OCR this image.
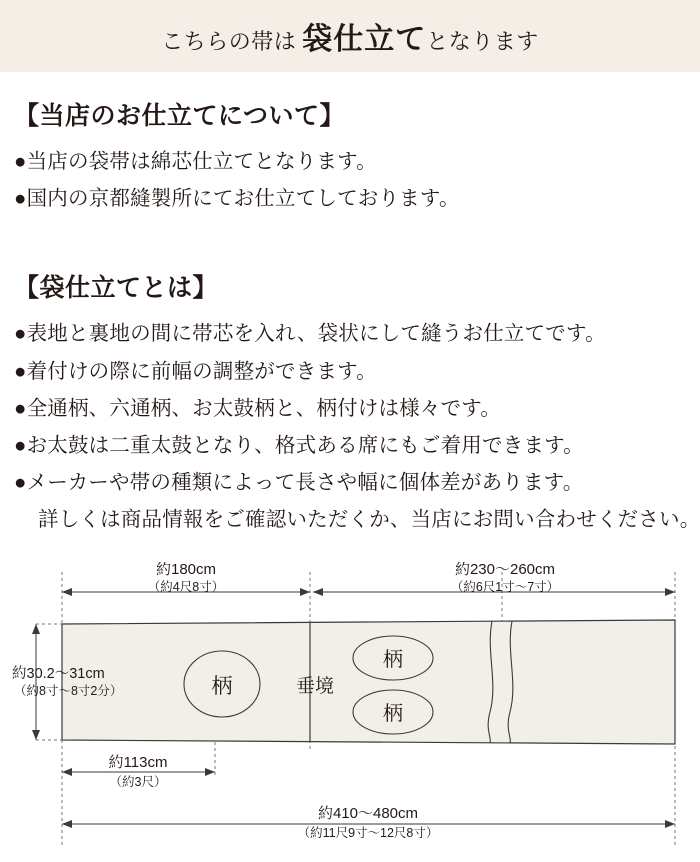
こちらの帯は 袋仕立てとなります
【当店のお仕立てについて】
●当店の袋帯は綿芯仕立てとなります。
●国内の京都縫製所にてお仕立てしております。
【袋仕立てとは】
●表地と裏地の間に帯芯を入れ、袋状にして縫うお仕立てです。
●着付けの際に前幅の調整ができます。
●全通柄、六通柄、お太鼓柄と、柄付けは様々です。
●お太鼓は二重太鼓となり、格式ある席にもご着用できます。
●メーカーや帯の種類によって長さや幅に個体差があります。
詳しくは商品情報をご確認いただくか、当店にお問い合わせください。
約180cm
（約4尺8寸）
約230〜260cm
（約6尺1寸〜7寸）
柄
柄
柄
垂境
約30.2〜31cm
（約8寸〜8寸2分）
約113cm
（約3尺）
約410〜480cm
（約11尺9寸〜12尺8寸）
